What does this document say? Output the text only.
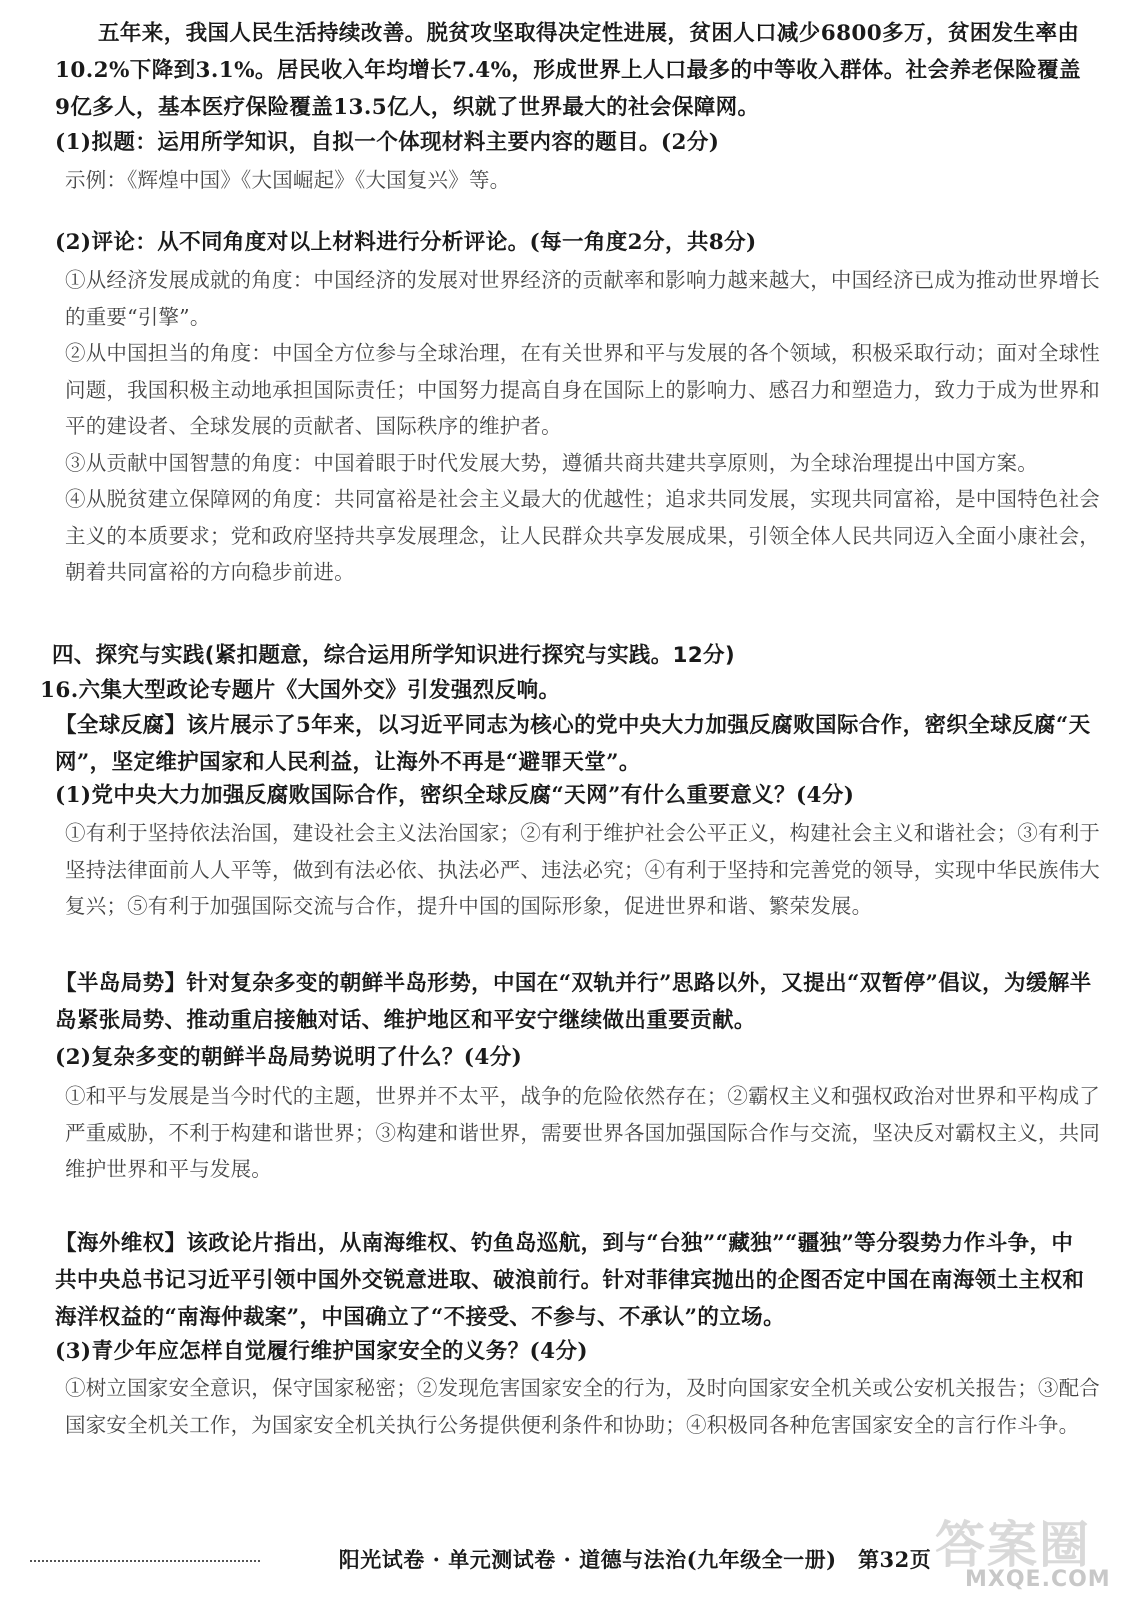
五年来，我国人民生活持续改善。脱贫攻坚取得决定性进展，贫困人口减少6800多万，贫困发生率由10.2%下降到3.1%。居民收入年均增长7.4%，形成世界上人口最多的中等收入群体。社会养老保险覆盖9亿多人，基本医疗保险覆盖13.5亿人，织就了世界最大的社会保障网。
(1)拟题：运用所学知识，自拟一个体现材料主要内容的题目。(2分)
示例：《辉煌中国》《大国崛起》《大国复兴》等。
(2)评论：从不同角度对以上材料进行分析评论。(每一角度2分，共8分)
①从经济发展成就的角度：中国经济的发展对世界经济的贡献率和影响力越来越大，中国经济已成为推动世界增长的重要“引擎”。
②从中国担当的角度：中国全方位参与全球治理，在有关世界和平与发展的各个领域，积极采取行动；面对全球性问题，我国积极主动地承担国际责任；中国努力提高自身在国际上的影响力、感召力和塑造力，致力于成为世界和平的建设者、全球发展的贡献者、国际秩序的维护者。
③从贡献中国智慧的角度：中国着眼于时代发展大势，遵循共商共建共享原则，为全球治理提出中国方案。
④从脱贫建立保障网的角度：共同富裕是社会主义最大的优越性；追求共同发展，实现共同富裕，是中国特色社会主义的本质要求；党和政府坚持共享发展理念，让人民群众共享发展成果，引领全体人民共同迈入全面小康社会，朝着共同富裕的方向稳步前进。
四、探究与实践(紧扣题意，综合运用所学知识进行探究与实践。12分)
16.六集大型政论专题片《大国外交》引发强烈反响。
【全球反腐】该片展示了5年来，以习近平同志为核心的党中央大力加强反腐败国际合作，密织全球反腐“天网”，坚定维护国家和人民利益，让海外不再是“避罪天堂”。
(1)党中央大力加强反腐败国际合作，密织全球反腐“天网”有什么重要意义？(4分)
①有利于坚持依法治国，建设社会主义法治国家；②有利于维护社会公平正义，构建社会主义和谐社会；③有利于坚持法律面前人人平等，做到有法必依、执法必严、违法必究；④有利于坚持和完善党的领导，实现中华民族伟大复兴；⑤有利于加强国际交流与合作，提升中国的国际形象，促进世界和谐、繁荣发展。
【半岛局势】针对复杂多变的朝鲜半岛形势，中国在“双轨并行”思路以外，又提出“双暂停”倡议，为缓解半岛紧张局势、推动重启接触对话、维护地区和平安宁继续做出重要贡献。
(2)复杂多变的朝鲜半岛局势说明了什么？(4分)
①和平与发展是当今时代的主题，世界并不太平，战争的危险依然存在；②霸权主义和强权政治对世界和平构成了严重威胁，不利于构建和谐世界；③构建和谐世界，需要世界各国加强国际合作与交流，坚决反对霸权主义，共同维护世界和平与发展。
【海外维权】该政论片指出，从南海维权、钓鱼岛巡航，到与“台独”“藏独”“疆独”等分裂势力作斗争，中共中央总书记习近平引领中国外交锐意进取、破浪前行。针对菲律宾抛出的企图否定中国在南海领土主权和海洋权益的“南海仲裁案”，中国确立了“不接受、不参与、不承认”的立场。
(3)青少年应怎样自觉履行维护国家安全的义务？(4分)
①树立国家安全意识，保守国家秘密；②发现危害国家安全的行为，及时向国家安全机关或公安机关报告；③配合国家安全机关工作，为国家安全机关执行公务提供便利条件和协助；④积极同各种危害国家安全的言行作斗争。
阳光试卷 · 单元测试卷 · 道德与法治(九年级全一册)　第32页 答案圈
MXQE.COM
